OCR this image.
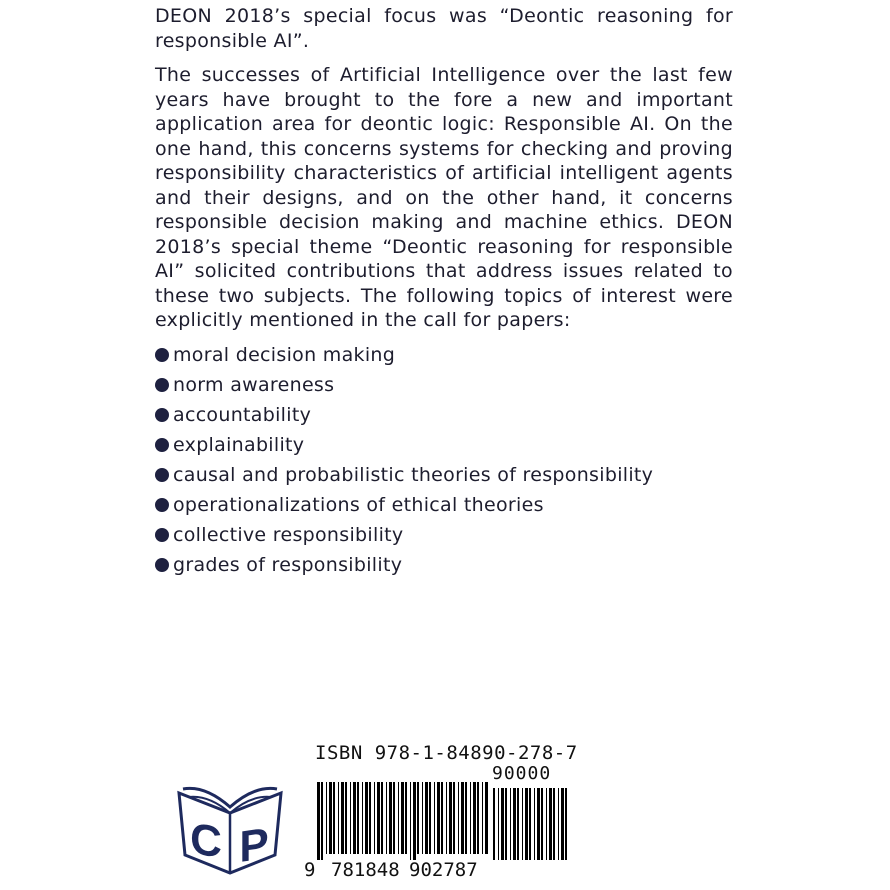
DEON 2018’s special focus was “Deontic reasoning for responsible AI”.

The successes of Artificial Intelligence over the last few years have brought to the fore a new and important application area for deontic logic: Responsible AI. On the one hand, this concerns systems for checking and proving responsibility characteristics of artificial intelligent agents and their designs, and on the other hand, it concerns responsible decision making and machine ethics. DEON 2018’s special theme “Deontic reasoning for responsible AI” solicited contributions that address issues related to these two subjects. The following topics of interest were explicitly mentioned in the call for papers:

moral decision making
norm awareness
accountability
explainability
causal and probabilistic theories of responsibility
operationalizations of ethical theories
collective responsibility
grades of responsibility
C P
ISBN 978-1-84890-278-7
90000
9 781848 902787
